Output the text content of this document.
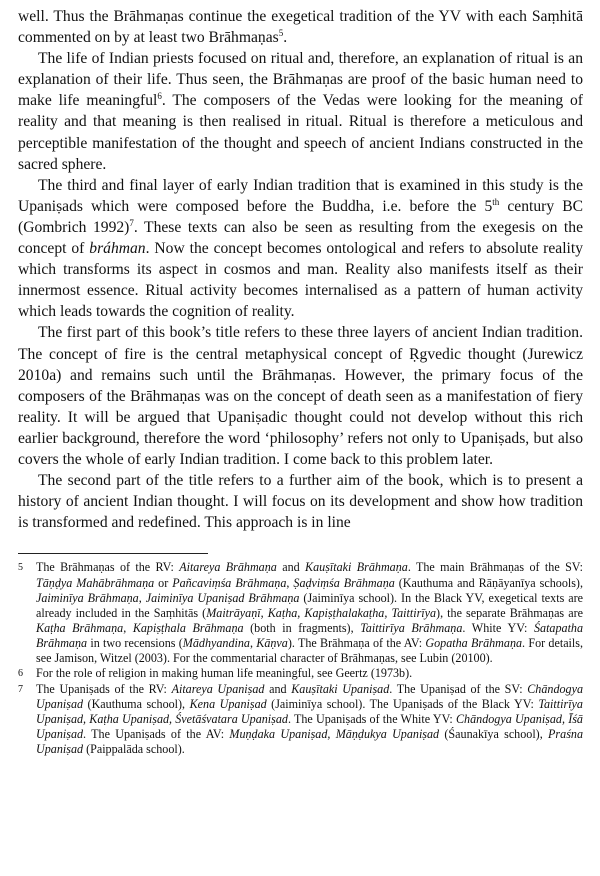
well. Thus the Brāhmaṇas continue the exegetical tradition of the YV with each Saṃhitā commented on by at least two Brāhmaṇas$^5$.

The life of Indian priests focused on ritual and, therefore, an explanation of ritual is an explanation of their life. Thus seen, the Brāhmaṇas are proof of the basic human need to make life meaningful$^6$. The composers of the Vedas were looking for the meaning of reality and that meaning is then realised in ritual. Ritual is therefore a meticulous and perceptible manifestation of the thought and speech of ancient Indians constructed in the sacred sphere.

The third and final layer of early Indian tradition that is examined in this study is the Upaniṣads which were composed before the Buddha, i.e. before the 5th century BC (Gombrich 1992)$^7$. These texts can also be seen as resulting from the exegesis on the concept of bráhman. Now the concept becomes ontological and refers to absolute reality which transforms its aspect in cosmos and man. Reality also manifests itself as their innermost essence. Ritual activity becomes internalised as a pattern of human activity which leads towards the cognition of reality.

The first part of this book’s title refers to these three layers of ancient Indian tradition. The concept of fire is the central metaphysical concept of Ṛgvedic thought (Jurewicz 2010a) and remains such until the Brāhmaṇas. However, the primary focus of the composers of the Brāhmaṇas was on the concept of death seen as a manifestation of fiery reality. It will be argued that Upaniṣadic thought could not develop without this rich earlier background, therefore the word ‘philosophy’ refers not only to Upaniṣads, but also covers the whole of early Indian tradition. I come back to this problem later.

The second part of the title refers to a further aim of the book, which is to present a history of ancient Indian thought. I will focus on its development and show how tradition is transformed and redefined. This approach is in line

5 The Brāhmaṇas of the RV: Aitareya Brāhmaṇa and Kauṣītaki Brāhmaṇa. The main Brāhmaṇas of the SV: Tāṇḍya Mahābrāhmaṇa or Pañcaviṃśa Brāhmaṇa, Ṣaḍviṃśa Brāhmaṇa (Kauthuma and Rāṇāyanīya schools), Jaiminīya Brāhmaṇa, Jaiminīya Upaniṣad Brāhmaṇa (Jaiminīya school). In the Black YV, exegetical texts are already included in the Saṃhitās (Maitrāyaṇī, Kaṭha, Kapiṣṭhalakaṭha, Taittirīya), the separate Brāhmaṇas are Kaṭha Brāhmaṇa, Kapiṣṭhala Brāhmaṇa (both in fragments), Taittirīya Brāhmaṇa. White YV: Śatapatha Brāhmaṇa in two recensions (Mādhyandina, Kāṇva). The Brāhmaṇa of the AV: Gopatha Brāhmaṇa. For details, see Jamison, Witzel (2003). For the commentarial character of Brāhmaṇas, see Lubin (20100).

6 For the role of religion in making human life meaningful, see Geertz (1973b).

7 The Upaniṣads of the RV: Aitareya Upaniṣad and Kauṣītaki Upaniṣad. The Upaniṣad of the SV: Chāndogya Upaniṣad (Kauthuma school), Kena Upaniṣad (Jaiminīya school). The Upaniṣads of the Black YV: Taittirīya Upaniṣad, Kaṭha Upaniṣad, Śvetāśvatara Upaniṣad. The Upaniṣads of the White YV: Chāndogya Upaniṣad, Īśā Upaniṣad. The Upaniṣads of the AV: Muṇḍaka Upaniṣad, Māṇḍukya Upaniṣad (Śaunakīya school), Praśna Upaniṣad (Paippalāda school).
